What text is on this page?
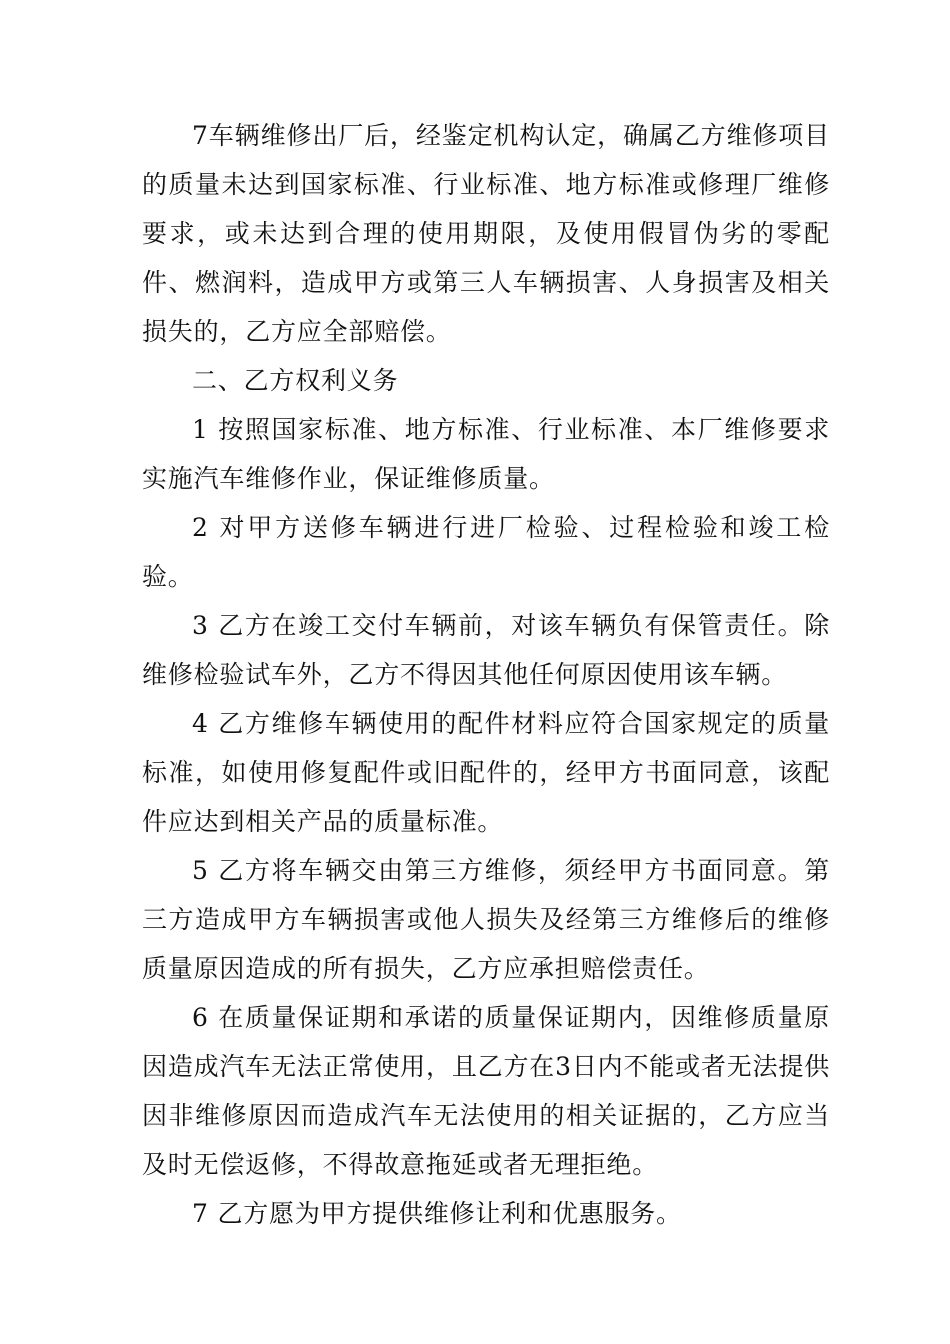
7车辆维修出厂后，经鉴定机构认定，确属乙方维修项目的质量未达到国家标准、行业标准、地方标准或修理厂维修要求，或未达到合理的使用期限，及使用假冒伪劣的零配件、燃润料，造成甲方或第三人车辆损害、人身损害及相关损失的，乙方应全部赔偿。

二、乙方权利义务

1 按照国家标准、地方标准、行业标准、本厂维修要求实施汽车维修作业，保证维修质量。

2 对甲方送修车辆进行进厂检验、过程检验和竣工检验。

3 乙方在竣工交付车辆前，对该车辆负有保管责任。除维修检验试车外，乙方不得因其他任何原因使用该车辆。

4 乙方维修车辆使用的配件材料应符合国家规定的质量标准，如使用修复配件或旧配件的，经甲方书面同意，该配件应达到相关产品的质量标准。

5 乙方将车辆交由第三方维修，须经甲方书面同意。第三方造成甲方车辆损害或他人损失及经第三方维修后的维修质量原因造成的所有损失，乙方应承担赔偿责任。

6 在质量保证期和承诺的质量保证期内，因维修质量原因造成汽车无法正常使用，且乙方在3日内不能或者无法提供因非维修原因而造成汽车无法使用的相关证据的，乙方应当及时无偿返修，不得故意拖延或者无理拒绝。

7 乙方愿为甲方提供维修让利和优惠服务。
